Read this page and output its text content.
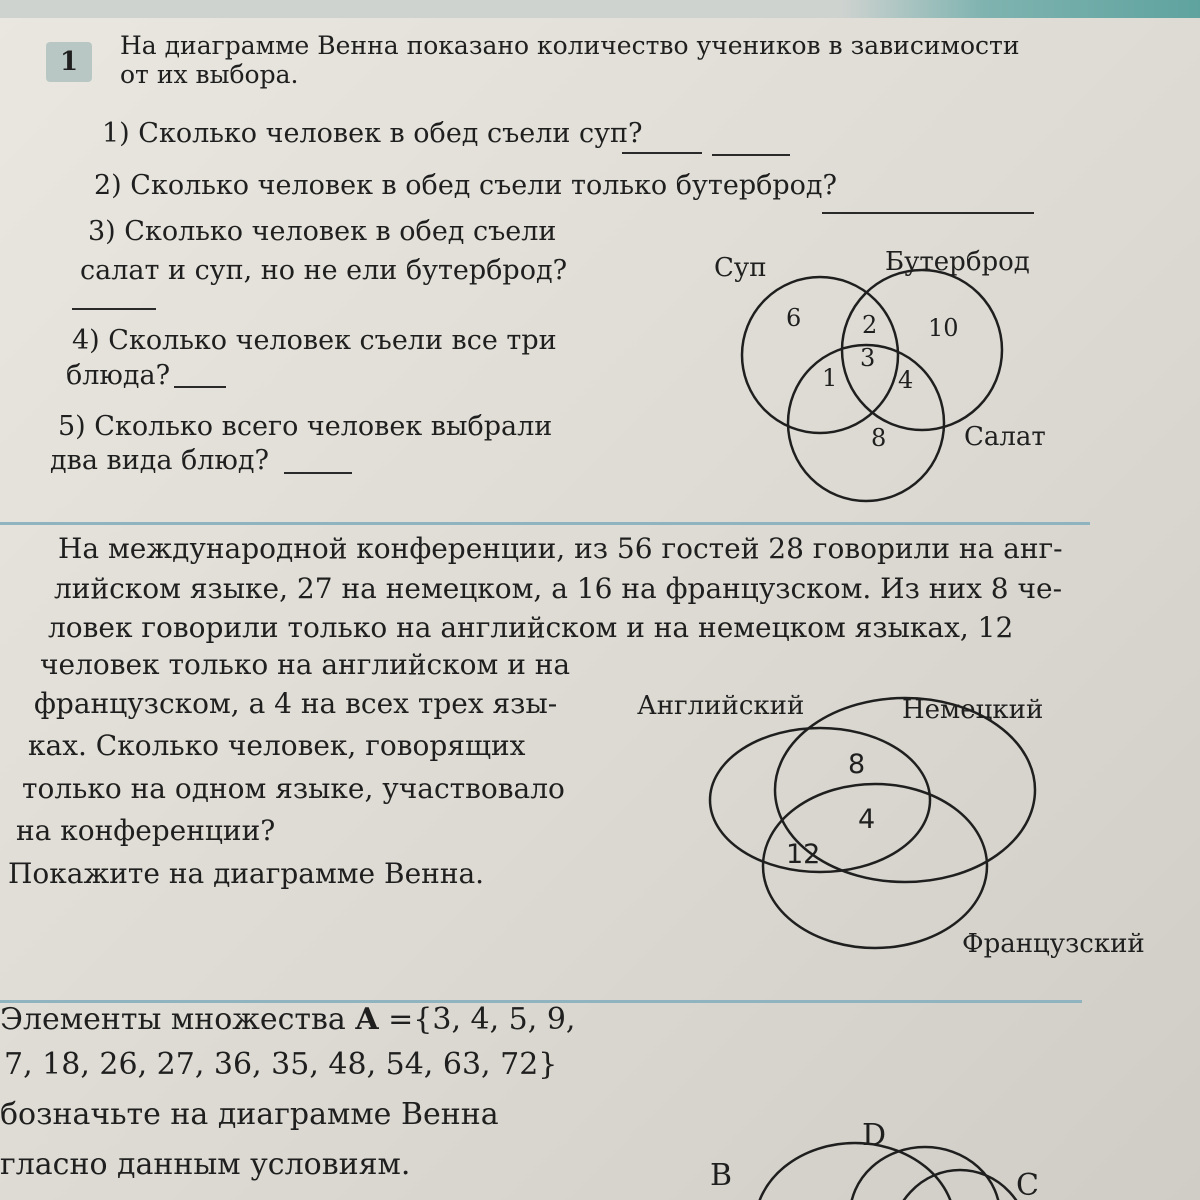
1
На диаграмме Венна показано количество учеников в зависимости
от их выбора.
1) Сколько человек в обед съели суп?
2) Сколько человек в обед съели только бутерброд?
3) Сколько человек в обед съели
салат и суп, но не ели бутерброд?
4) Сколько человек съели все три
блюда?
5) Сколько всего человек выбрали
два вида блюд?
На международной конференции, из 56 гостей 28 говорили на анг-
лийском языке, 27 на немецком, а 16 на французском. Из них 8 че-
ловек говорили только на английском и на немецком языках, 12
человек только на английском и на
французском, а 4 на всех трех язы-
ках. Сколько человек, говорящих
только на одном языке, участвовало
на конференции?
Покажите на диаграмме Венна.
Элементы множества A ={3, 4, 5, 9,
7, 18, 26, 27, 36, 35, 48, 54, 63, 72}
бозначьте на диаграмме Венна
гласно данным условиям.
Суп	Бутерброд
Салат
6	2 10
3
1	4
8
Английский	Немецкий
Французский
8
4
12
B
D
C
